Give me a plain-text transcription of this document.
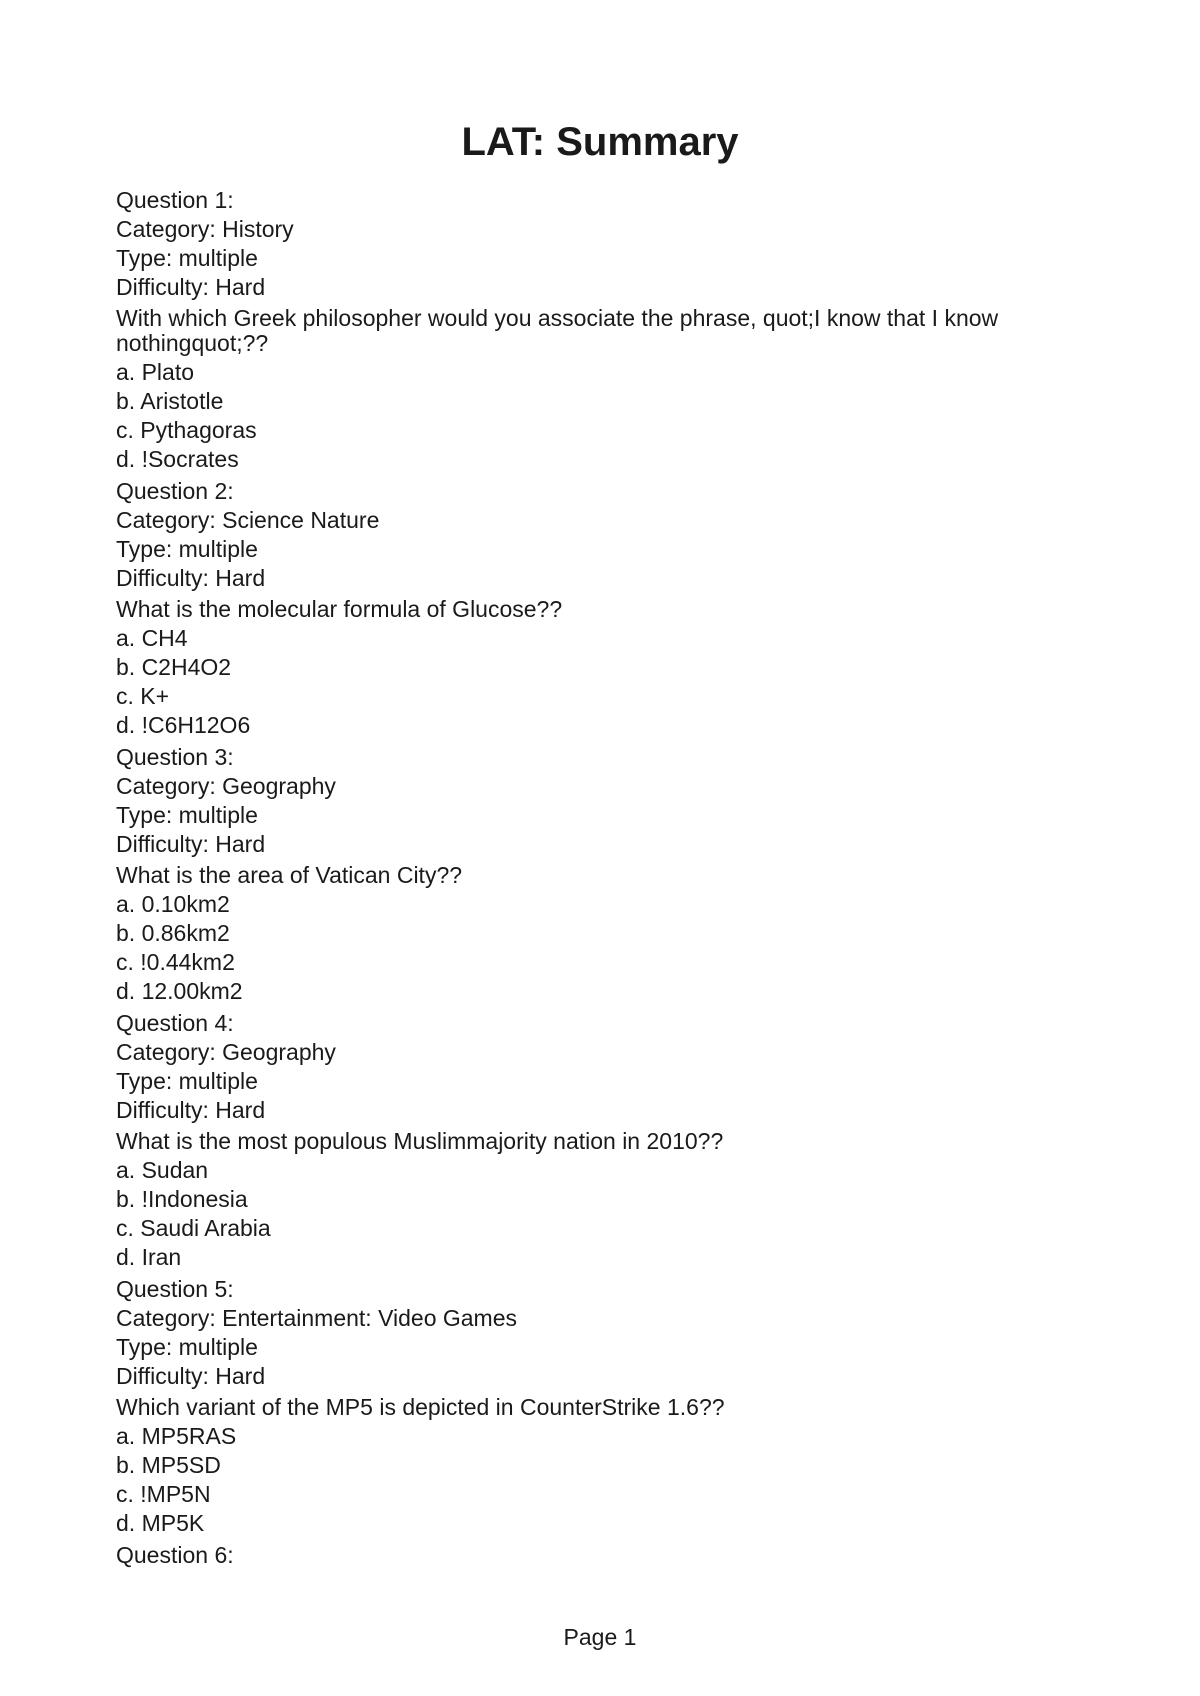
LAT: Summary
Question 1:
Category: History
Type: multiple
Difficulty: Hard
With which Greek philosopher would you associate the phrase, quot;I know that I know nothingquot;??
a. Plato
b. Aristotle
c. Pythagoras
d. !Socrates
Question 2:
Category: Science Nature
Type: multiple
Difficulty: Hard
What is the molecular formula of Glucose??
a. CH4
b. C2H4O2
c. K+
d. !C6H12O6
Question 3:
Category: Geography
Type: multiple
Difficulty: Hard
What is the area of Vatican City??
a. 0.10km2
b. 0.86km2
c. !0.44km2
d. 12.00km2
Question 4:
Category: Geography
Type: multiple
Difficulty: Hard
What is the most populous Muslimmajority nation in 2010??
a. Sudan
b. !Indonesia
c. Saudi Arabia
d. Iran
Question 5:
Category: Entertainment: Video Games
Type: multiple
Difficulty: Hard
Which variant of the MP5 is depicted in CounterStrike 1.6??
a. MP5RAS
b. MP5SD
c. !MP5N
d. MP5K
Question 6:
Page 1
